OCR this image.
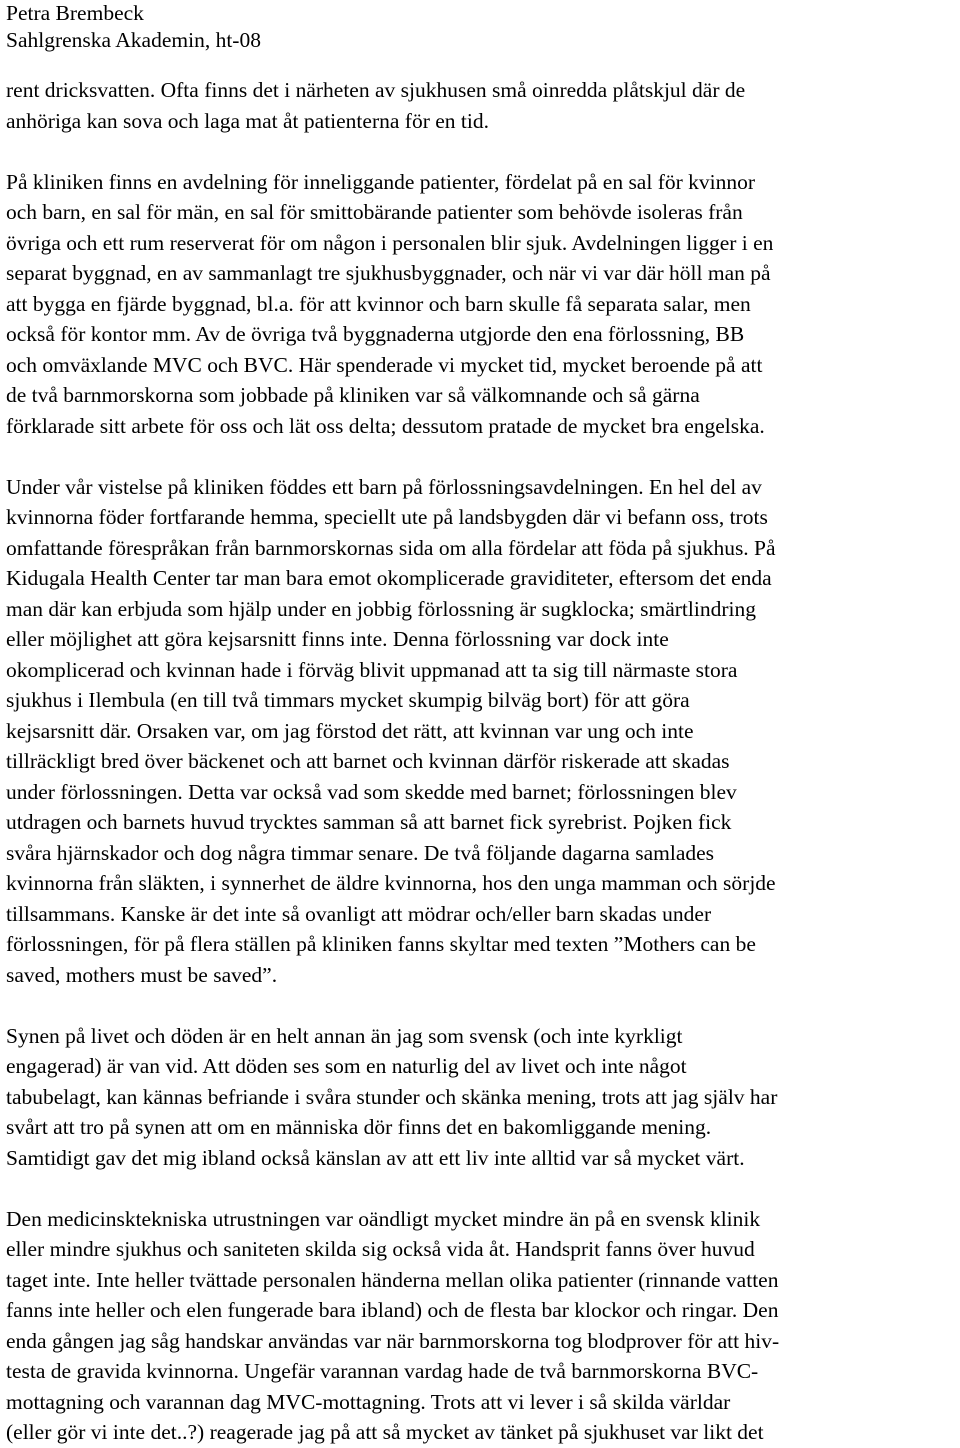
Petra Brembeck
Sahlgrenska Akademin, ht-08
rent dricksvatten. Ofta finns det i närheten av sjukhusen små oinredda plåtskjul där de
anhöriga kan sova och laga mat åt patienterna för en tid.
På kliniken finns en avdelning för inneliggande patienter, fördelat på en sal för kvinnor
och barn, en sal för män, en sal för smittobärande patienter som behövde isoleras från
övriga och ett rum reserverat för om någon i personalen blir sjuk. Avdelningen ligger i en
separat byggnad, en av sammanlagt tre sjukhusbyggnader, och när vi var där höll man på
att bygga en fjärde byggnad, bl.a. för att kvinnor och barn skulle få separata salar, men
också för kontor mm. Av de övriga två byggnaderna utgjorde den ena förlossning, BB
och omväxlande MVC och BVC. Här spenderade vi mycket tid, mycket beroende på att
de två barnmorskorna som jobbade på kliniken var så välkomnande och så gärna
förklarade sitt arbete för oss och lät oss delta; dessutom pratade de mycket bra engelska.
Under vår vistelse på kliniken föddes ett barn på förlossningsavdelningen. En hel del av
kvinnorna föder fortfarande hemma, speciellt ute på landsbygden där vi befann oss, trots
omfattande förespråkan från barnmorskornas sida om alla fördelar att föda på sjukhus. På
Kidugala Health Center tar man bara emot okomplicerade graviditeter, eftersom det enda
man där kan erbjuda som hjälp under en jobbig förlossning är sugklocka; smärtlindring
eller möjlighet att göra kejsarsnitt finns inte. Denna förlossning var dock inte
okomplicerad och kvinnan hade i förväg blivit uppmanad att ta sig till närmaste stora
sjukhus i Ilembula (en till två timmars mycket skumpig bilväg bort) för att göra
kejsarsnitt där. Orsaken var, om jag förstod det rätt, att kvinnan var ung och inte
tillräckligt bred över bäckenet och att barnet och kvinnan därför riskerade att skadas
under förlossningen. Detta var också vad som skedde med barnet; förlossningen blev
utdragen och barnets huvud trycktes samman så att barnet fick syrebrist. Pojken fick
svåra hjärnskador och dog några timmar senare. De två följande dagarna samlades
kvinnorna från släkten, i synnerhet de äldre kvinnorna, hos den unga mamman och sörjde
tillsammans. Kanske är det inte så ovanligt att mödrar och/eller barn skadas under
förlossningen, för på flera ställen på kliniken fanns skyltar med texten ”Mothers can be
saved, mothers must be saved”.
Synen på livet och döden är en helt annan än jag som svensk (och inte kyrkligt
engagerad) är van vid. Att döden ses som en naturlig del av livet och inte något
tabubelagt, kan kännas befriande i svåra stunder och skänka mening, trots att jag själv har
svårt att tro på synen att om en människa dör finns det en bakomliggande mening.
Samtidigt gav det mig ibland också känslan av att ett liv inte alltid var så mycket värt.
Den medicinsktekniska utrustningen var oändligt mycket mindre än på en svensk klinik
eller mindre sjukhus och saniteten skilda sig också vida åt. Handsprit fanns över huvud
taget inte. Inte heller tvättade personalen händerna mellan olika patienter (rinnande vatten
fanns inte heller och elen fungerade bara ibland) och de flesta bar klockor och ringar. Den
enda gången jag såg handskar användas var när barnmorskorna tog blodprover för att hiv-
testa de gravida kvinnorna. Ungefär varannan vardag hade de två barnmorskorna BVC-
mottagning och varannan dag MVC-mottagning. Trots att vi lever i så skilda världar
(eller gör vi inte det..?) reagerade jag på att så mycket av tänket på sjukhuset var likt det
